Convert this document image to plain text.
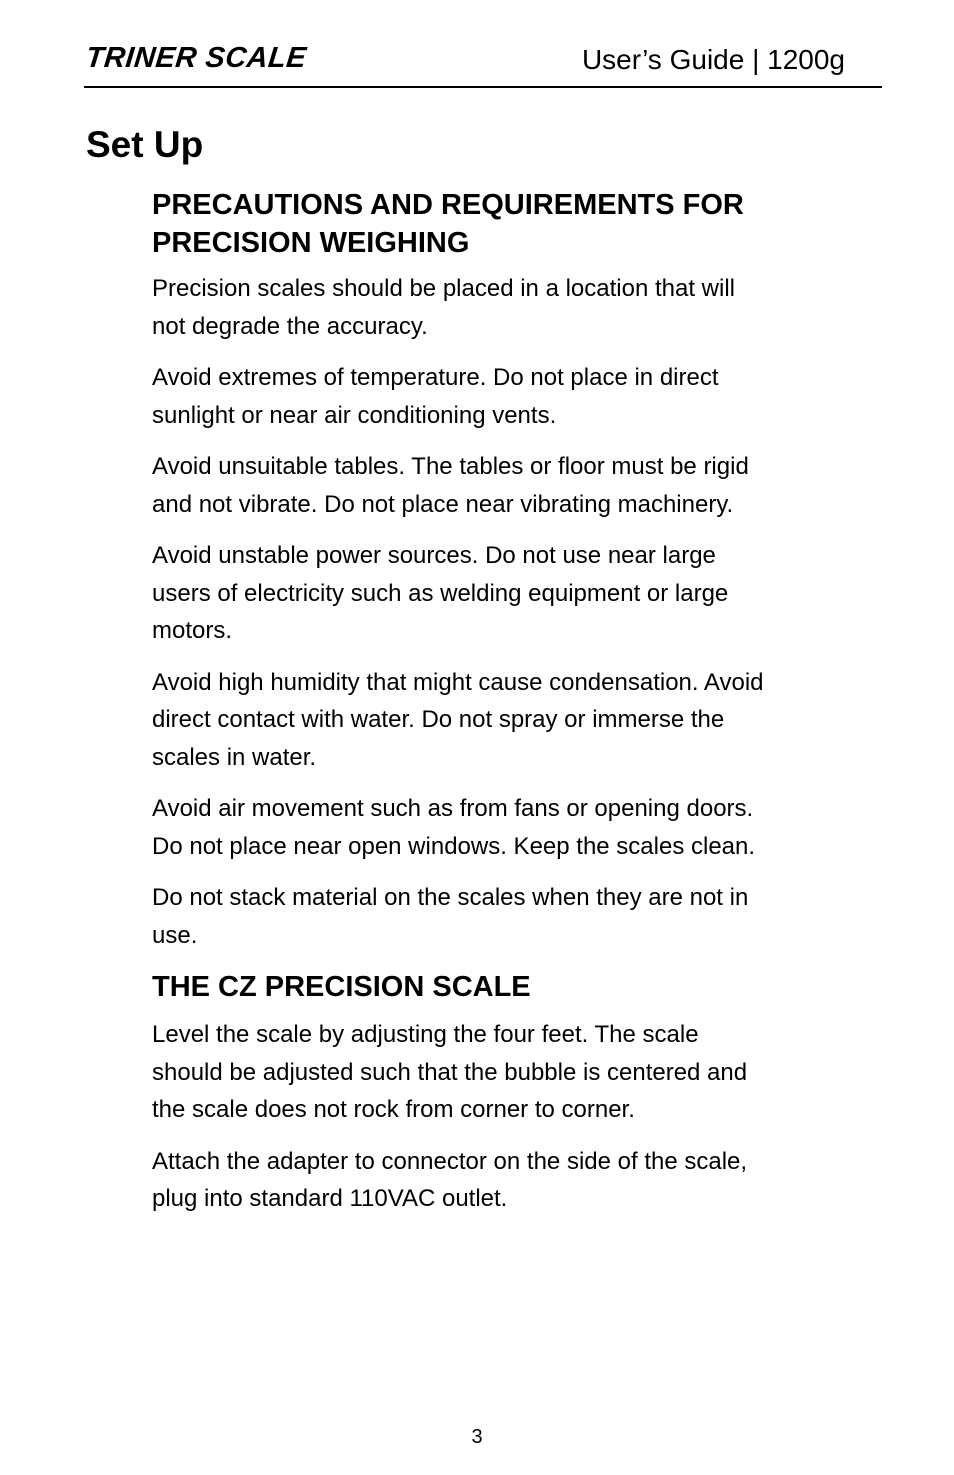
TRINER SCALE	User’s Guide | 1200g
Set Up
PRECAUTIONS AND REQUIREMENTS FOR PRECISION WEIGHING

Precision scales should be placed in a location that will not degrade the accuracy.

Avoid extremes of temperature. Do not place in direct sunlight or near air conditioning vents.

Avoid unsuitable tables. The tables or floor must be rigid and not vibrate. Do not place near vibrating machinery.

Avoid unstable power sources. Do not use near large users of electricity such as welding equipment or large motors.

Avoid high humidity that might cause condensation. Avoid direct contact with water. Do not spray or immerse the scales in water.

Avoid air movement such as from fans or opening doors. Do not place near open windows. Keep the scales clean.

Do not stack material on the scales when they are not in use.

THE CZ PRECISION SCALE

Level the scale by adjusting the four feet. The scale should be adjusted such that the bubble is centered and the scale does not rock from corner to corner.

Attach the adapter to connector on the side of the scale, plug into standard 110VAC outlet.

3
